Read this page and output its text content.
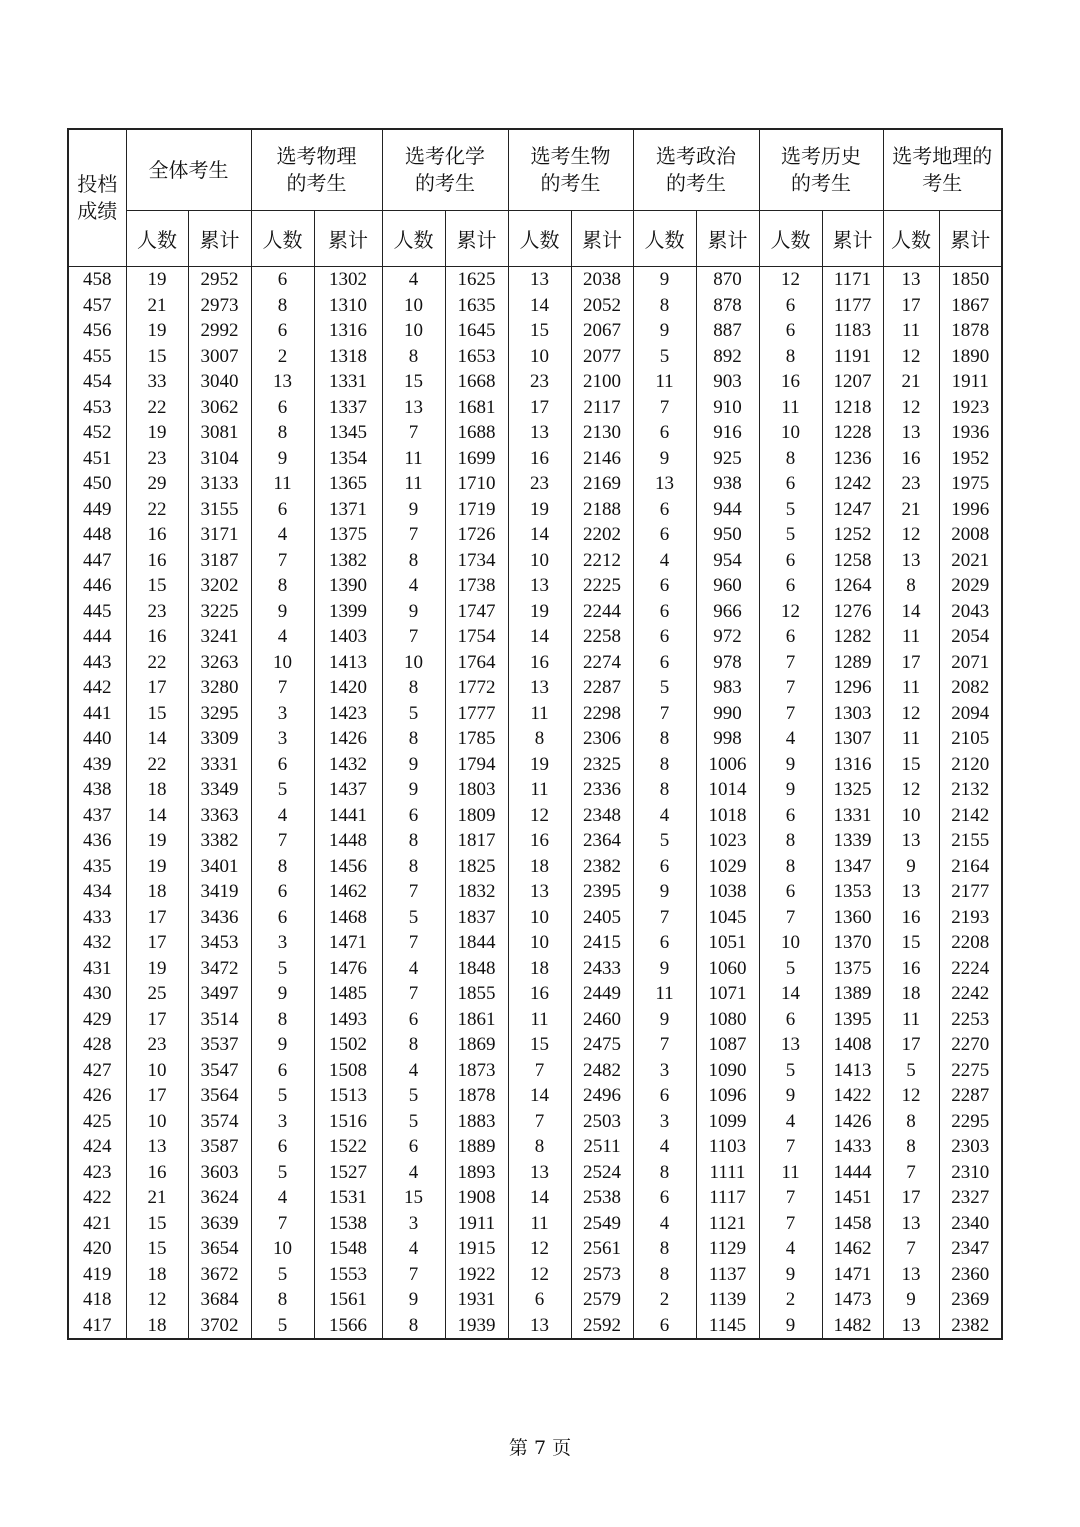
投档
成绩	全体考生		选考物理
的考生		选考化学
的考生		选考生物
的考生		选考政治
的考生		选考历史
的考生		选考地理的
考生	
	人数	累计	人数	累计	人数	累计	人数	累计	人数	累计	人数	累计	人数	累计
458	19	2952	6	1302	4	1625	13	2038	9	870	12	1171	13	1850
457	21	2973	8	1310	10	1635	14	2052	8	878	6	1177	17	1867
456	19	2992	6	1316	10	1645	15	2067	9	887	6	1183	11	1878
455	15	3007	2	1318	8	1653	10	2077	5	892	8	1191	12	1890
454	33	3040	13	1331	15	1668	23	2100	11	903	16	1207	21	1911
453	22	3062	6	1337	13	1681	17	2117	7	910	11	1218	12	1923
452	19	3081	8	1345	7	1688	13	2130	6	916	10	1228	13	1936
451	23	3104	9	1354	11	1699	16	2146	9	925	8	1236	16	1952
450	29	3133	11	1365	11	1710	23	2169	13	938	6	1242	23	1975
449	22	3155	6	1371	9	1719	19	2188	6	944	5	1247	21	1996
448	16	3171	4	1375	7	1726	14	2202	6	950	5	1252	12	2008
447	16	3187	7	1382	8	1734	10	2212	4	954	6	1258	13	2021
446	15	3202	8	1390	4	1738	13	2225	6	960	6	1264	8	2029
445	23	3225	9	1399	9	1747	19	2244	6	966	12	1276	14	2043
444	16	3241	4	1403	7	1754	14	2258	6	972	6	1282	11	2054
443	22	3263	10	1413	10	1764	16	2274	6	978	7	1289	17	2071
442	17	3280	7	1420	8	1772	13	2287	5	983	7	1296	11	2082
441	15	3295	3	1423	5	1777	11	2298	7	990	7	1303	12	2094
440	14	3309	3	1426	8	1785	8	2306	8	998	4	1307	11	2105
439	22	3331	6	1432	9	1794	19	2325	8	1006	9	1316	15	2120
438	18	3349	5	1437	9	1803	11	2336	8	1014	9	1325	12	2132
437	14	3363	4	1441	6	1809	12	2348	4	1018	6	1331	10	2142
436	19	3382	7	1448	8	1817	16	2364	5	1023	8	1339	13	2155
435	19	3401	8	1456	8	1825	18	2382	6	1029	8	1347	9	2164
434	18	3419	6	1462	7	1832	13	2395	9	1038	6	1353	13	2177
433	17	3436	6	1468	5	1837	10	2405	7	1045	7	1360	16	2193
432	17	3453	3	1471	7	1844	10	2415	6	1051	10	1370	15	2208
431	19	3472	5	1476	4	1848	18	2433	9	1060	5	1375	16	2224
430	25	3497	9	1485	7	1855	16	2449	11	1071	14	1389	18	2242
429	17	3514	8	1493	6	1861	11	2460	9	1080	6	1395	11	2253
428	23	3537	9	1502	8	1869	15	2475	7	1087	13	1408	17	2270
427	10	3547	6	1508	4	1873	7	2482	3	1090	5	1413	5	2275
426	17	3564	5	1513	5	1878	14	2496	6	1096	9	1422	12	2287
425	10	3574	3	1516	5	1883	7	2503	3	1099	4	1426	8	2295
424	13	3587	6	1522	6	1889	8	2511	4	1103	7	1433	8	2303
423	16	3603	5	1527	4	1893	13	2524	8	1111	11	1444	7	2310
422	21	3624	4	1531	15	1908	14	2538	6	1117	7	1451	17	2327
421	15	3639	7	1538	3	1911	11	2549	4	1121	7	1458	13	2340
420	15	3654	10	1548	4	1915	12	2561	8	1129	4	1462	7	2347
419	18	3672	5	1553	7	1922	12	2573	8	1137	9	1471	13	2360
418	12	3684	8	1561	9	1931	6	2579	2	1139	2	1473	9	2369
417	18	3702	5	1566	8	1939	13	2592	6	1145	9	1482	13	2382
第 7 页
